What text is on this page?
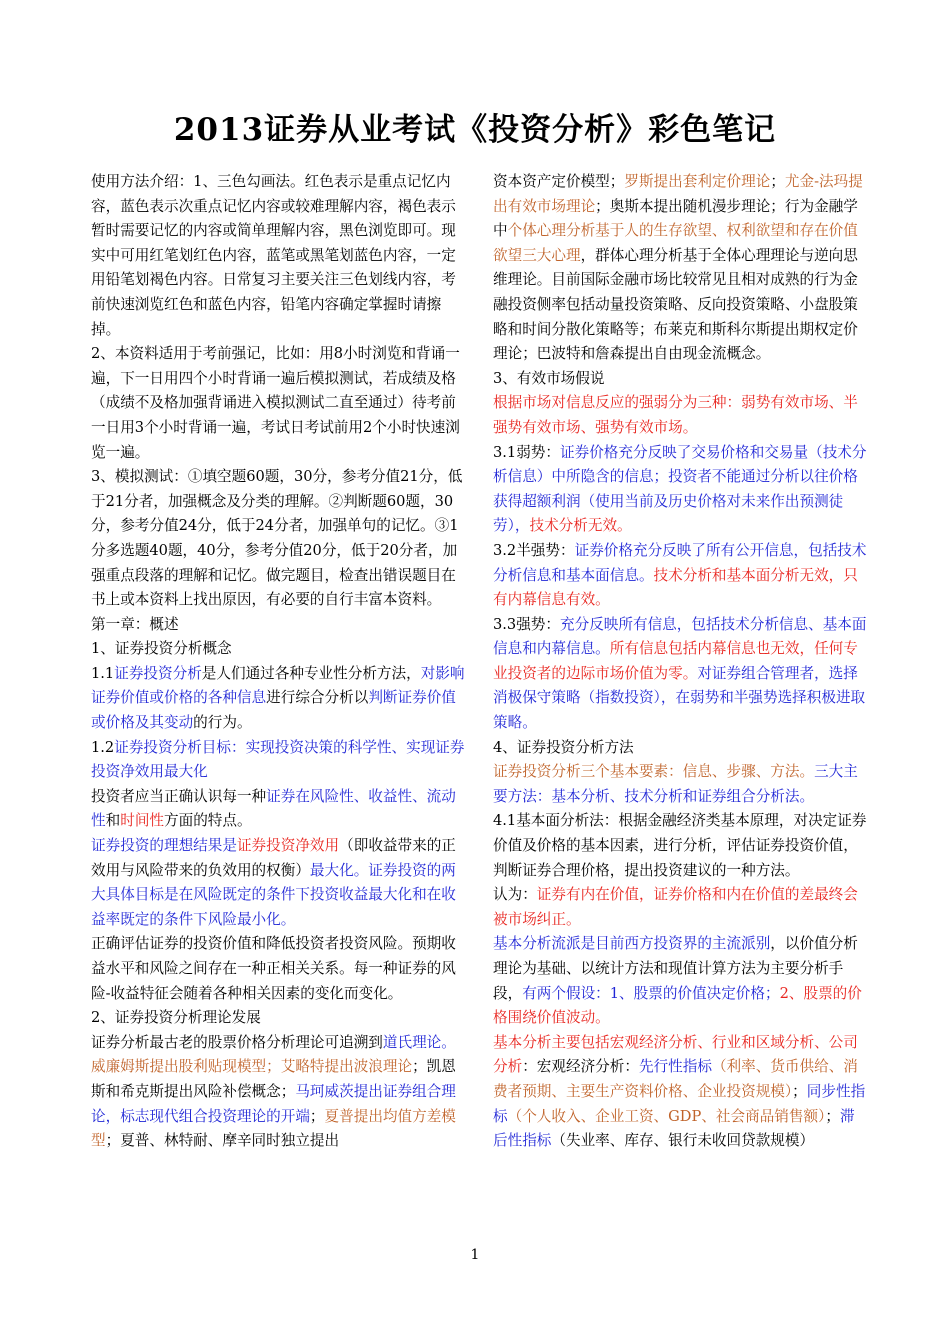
2013证券从业考试《投资分析》彩色笔记

使用方法介绍：1、三色勾画法。红色表示是重点记忆内容，蓝色表示次重点记忆内容或较难理解内容，褐色表示暂时需要记忆的内容或简单理解内容，黑色浏览即可。现实中可用红笔划红色内容，蓝笔或黑笔划蓝色内容，一定用铅笔划褐色内容。日常复习主要关注三色划线内容，考前快速浏览红色和蓝色内容，铅笔内容确定掌握时请擦掉。

2、本资料适用于考前强记，比如：用8小时浏览和背诵一遍，下一日用四个小时背诵一遍后模拟测试，若成绩及格（成绩不及格加强背诵进入模拟测试二直至通过）待考前一日用3个小时背诵一遍，考试日考试前用2个小时快速浏览一遍。

3、模拟测试：①填空题60题，30分，参考分值21分，低于21分者，加强概念及分类的理解。②判断题60题，30分，参考分值24分，低于24分者，加强单句的记忆。③1分多选题40题，40分，参考分值20分，低于20分者，加强重点段落的理解和记忆。做完题目，检查出错误题目在书上或本资料上找出原因，有必要的自行丰富本资料。

第一章：概述

1、证券投资分析概念

1.1证券投资分析是人们通过各种专业性分析方法，对影响证券价值或价格的各种信息进行综合分析以判断证券价值或价格及其变动的行为。

1.2证券投资分析目标：实现投资决策的科学性、实现证券投资净效用最大化

投资者应当正确认识每一种证券在风险性、收益性、流动性和时间性方面的特点。

证券投资的理想结果是证券投资净效用（即收益带来的正效用与风险带来的负效用的权衡）最大化。证券投资的两大具体目标是在风险既定的条件下投资收益最大化和在收益率既定的条件下风险最小化。

正确评估证券的投资价值和降低投资者投资风险。预期收益水平和风险之间存在一种正相关关系。每一种证券的风险-收益特征会随着各种相关因素的变化而变化。

2、证券投资分析理论发展

证券分析最古老的股票价格分析理论可追溯到道氏理论。

威廉姆斯提出股利贴现模型；艾略特提出波浪理论；凯恩斯和希克斯提出风险补偿概念；马珂威茨提出证券组合理论，标志现代组合投资理论的开端；夏普提出均值方差模型；夏普、林特耐、摩辛同时独立提出

资本资产定价模型；罗斯提出套利定价理论；尤金-法玛提出有效市场理论；奥斯本提出随机漫步理论；行为金融学中个体心理分析基于人的生存欲望、权利欲望和存在价值欲望三大心理，群体心理分析基于全体心理理论与逆向思维理论。目前国际金融市场比较常见且相对成熟的行为金融投资侧率包括动量投资策略、反向投资策略、小盘股策略和时间分散化策略等；布莱克和斯科尔斯提出期权定价理论；巴波特和詹森提出自由现金流概念。

3、有效市场假说

根据市场对信息反应的强弱分为三种：弱势有效市场、半强势有效市场、强势有效市场。

3.1弱势：证券价格充分反映了交易价格和交易量（技术分析信息）中所隐含的信息；投资者不能通过分析以往价格获得超额利润（使用当前及历史价格对未来作出预测徒劳），技术分析无效。

3.2半强势：证券价格充分反映了所有公开信息，包括技术分析信息和基本面信息。技术分析和基本面分析无效，只有内幕信息有效。

3.3强势：充分反映所有信息，包括技术分析信息、基本面信息和内幕信息。所有信息包括内幕信息也无效，任何专业投资者的边际市场价值为零。对证券组合管理者，选择消极保守策略（指数投资），在弱势和半强势选择积极进取策略。

4、证券投资分析方法

证券投资分析三个基本要素：信息、步骤、方法。三大主要方法：基本分析、技术分析和证券组合分析法。

4.1基本面分析法：根据金融经济类基本原理，对决定证券价值及价格的基本因素，进行分析，评估证券投资价值，判断证券合理价格，提出投资建议的一种方法。

认为：证券有内在价值，证券价格和内在价值的差最终会被市场纠正。

基本分析流派是目前西方投资界的主流派别，以价值分析理论为基础、以统计方法和现值计算方法为主要分析手段，有两个假设：1、股票的价值决定价格；2、股票的价格围绕价值波动。

基本分析主要包括宏观经济分析、行业和区域分析、公司分析：宏观经济分析：先行性指标（利率、货币供给、消费者预期、主要生产资料价格、企业投资规模）；同步性指标（个人收入、企业工资、GDP、社会商品销售额）；滞后性指标（失业率、库存、银行未收回贷款规模）

1
